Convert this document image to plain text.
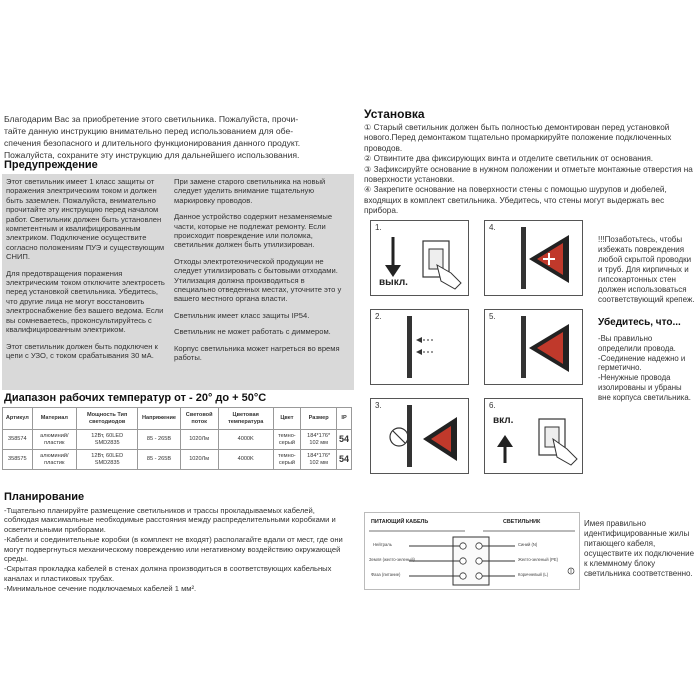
Благодарим Вас за приобретение этого светильника. Пожалуйста, прочи-
тайте данную инструкцию внимательно перед использованием для обе-
спечения безопасного и длительного функционирования данного продукт.
Пожалуйста, сохраните эту инструкцию для дальнейшего использования.
Предупреждение

Этот светильник имеет 1 класс защиты от поражения электрическим током и должен быть заземлен. Пожалуйста, внимательно прочитайте эту инструкцию перед началом работ. Светильник должен быть установлен компетентным и квалифицированным электриком. Подключение осуществите согласно положениям ПУЭ и существующим СНИП.

Для предотвращения поражения электрическим током отключите электросеть перед установкой светильника. Убедитесь, что другие лица не могут восстановить электроснабжение без вашего ведома. Если вы сомневаетесь, проконсультируйтесь с квалифицированным электриком.

Этот светильник должен быть подключен к цепи с УЗО, с током срабатывания 30 мА.

При замене старого светильника на новый следует уделить внимание тщательную маркировку проводов.

Данное устройство содержит незаменяемые части, которые не подлежат ремонту. Если происходит повреждение или поломка, светильник должен быть утилизирован.

Отходы электротехнической продукции не следует утилизировать с бытовыми отходами. Утилизация должна производиться в специально отведенных местах, уточните это у вашего местного органа власти.

Светильник имеет класс защиты IP54.

Светильник не может работать с диммером.

Корпус светильника может нагреться во время работы.

Диапазон рабочих температур от - 20° до + 50°C
Артикул	Материал	Мощность Тип светодиодов	Напряжение	Световой поток	Цветовая температура	Цвет	Размер	IP
358574	алюминий/ пластик	12Вт, 60LED SMD2835	85 - 265В	1020Лм	4000K	темно-серый	184*176* 102 мм	54
358575	алюминий/ пластик	12Вт, 60LED SMD2835	85 - 265В	1020Лм	4000K	темно-серый	184*176* 102 мм	54
Планирование

-Тщательно планируйте размещение светильников и трассы прокладываемых кабелей, соблюдая максимальные необходимые расстояния между распределительными коробками и осветительными приборами.

-Кабели и соединительные коробки (в комплект не входят) располагайте вдали от мест, где они могут подвергнуться механическому повреждению или негативному воздействию окружающей среды.

-Скрытая прокладка кабелей в стенах должна производиться в соответствующих кабельных каналах и пластиковых трубах.

-Минимальное сечение подключаемых кабелей 1 мм².

Установка
① Старый светильник должен быть полностью демонтирован перед установкой нового.Перед демонтажом тщательно промаркируйте положение подключенных проводов.
② Отвинтите два фиксирующих винта и отделите светильник от основания.
③ Зафиксируйте основание в нужном положении и отметьте монтажные отверстия на поверхности установки.
④ Закрепите основание на поверхности стены с помощью шурупов и дюбелей, входящих в комплект светильника. Убедитесь, что стены могут выдержать вес прибора.
1.
выкл.
4.
2.	5.
3.	6.
вкл.
!!!Позаботьтесь, чтобы избежать повреждения любой скрытой проводки и труб. Для кирпичных и гипсокартонных стен должен использоваться соответствующий крепеж.
Убедитесь, что...
-Вы правильно определили провода.
-Соединение надежно и герметично.
-Ненужные провода изолированы и убраны вне корпуса светильника.
ПИТАЮЩИЙ КАБЕЛЬ	СВЕТИЛЬНИК
Нейтраль
Земля (желто-зеленый)
Фаза (питание)
Синий (N)
Желто-зеленый (PE)
Коричневый (L)
Имея правильно идентифицированные жилы питающего кабеля, осуществите их подключение к клеммному блоку светильника соответственно.
